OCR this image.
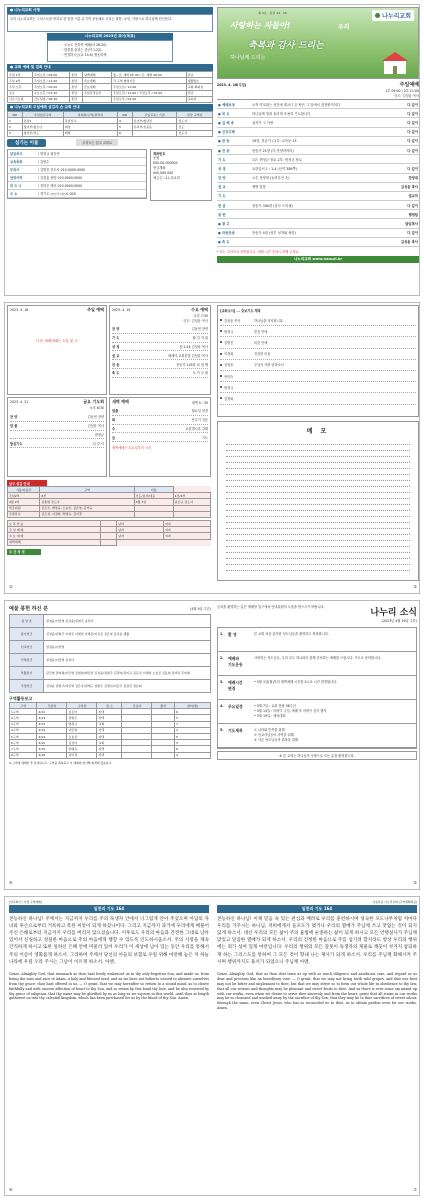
● 나누리교회 사명
우리 나누리교회는 그리스도를 머리로 한 몸을 이룬 유기적 공동체로 우리는 말씀, 소망, 사랑으로 하나님께 헌신한다.
나누리교회 2023년 표어(목표)
· 오늘도 전하자 예배(마 28:20)
· 말씀을 살리는 종(약 1:22)
· 연결하시는(요 15:5) 협동하세
● 교회 예배 및 집회 안내
주일 1부	주일오전 / 09:00	본당	새벽예배	월~금: 새벽 05:30 / 토: 새벽 06:00	본당
주일 2부	주일오전 / 11:00	본당	수요예배	각 구역 협력사간	생활방소
주일 오후	주일오후 / 02:00	본당	금요예배	주일오전 / 11:00	교회 회의실
수요	수요오후 / 07:30	본당	주일성경공부	주일오전 / 11:00 / 주일오후 / 01:00	본당
금요기도회	금요일밤 / 08:30	본당		주일오후 / 02:00	교육관
● 나누리교회 주일예배 섬김의 손 교회 안내
NO	주일섬김구역	목회자/구역/관리자	NO	주일교육 / 기관	담당 교역자
1	본관1	북한선교	4	유년부/청년부	전도사
2	청년부/청소년	태정	5	유치부/초중등	전도
3	청년부/전도	태현	6		전도사
섬기는 이들	우리도는 입고 교회로
담임목사	/ 변정규 최강민
교육목회	/ 김영수
부목사	/ 김명진 전도사 010-0000-0000
찬양사역	/ 김정훈 찬양 010-0000-0000
파 트 너	/ 전하은 제사 010-0000-0000
주 소	/ 경기도 ○○시 ○○로 000
계좌번호
농협
000-00-000000
헌금계좌
000,000,000
예금주: 나누리교회
제 4호 · 통권 43 · 56	나누리교회
사랑하는 자들아!	우리
축복과 감사 드리는
하나님께 드리는
2023. 4. 16(주일)	주일예배
1부 09:00 / 2부 11:00
인도: 김성윤 목사
● 예배초청	오직 여호와는 성전에 계시니 온 땅은 그 앞에서 잠잠할지어다	다 같이
● 묵 도	하나님께 영광 돌리며 조용히 기도합니다	다 같이
● 입 례 송	십자가 그 사랑	다 같이
● 신앙고백	다 같이
● 찬 송	19장, 찬송가 / 2부: 교독문 13	다 같이
● 찬 송	찬송가 21장 (다 찬양하여라)	다 같이
기 도	1부: 변정규 장로 2부: 변정규 장로
성 경	요한일서 1 : 1-4 (신약 389쪽)	다 같이
찬 양	시온 찬양대 (놀라우신 손)	찬양대
설 교	생명 말씀	김성윤 목사
기 도	설교자
헌 금	찬송가 300장 (감사 드리세)	다 같이
봉 헌	행정팀
● 광 고	담임목사
● 파송찬송	찬송가 4장 (성부 성자와 성령)	다 같이
● 축 도	김성윤 목사
* 표는 일어서서 찬양합니다. 예배 시간 전에 도착해 주세요.
나누리교회 www.nanuri.kr
2023. 4. 16	주일 예배
다음 예배에배는 1일 첫 주
2023. 4. 19	수요 예배
오후 7:30
인도: 김성윤 목사
찬 양	김동현 찬양
기 도	황 길 자 권
성 경	몸 2:24 김성윤 목사
설 교	메세야 교회론말 김성윤 목사
찬 송	찬송가 145장 다 함 께
축 도	오 가 오 원
2023. 4. 21	금요 기도회
오후 8:30
찬 양	김동현 찬양
말 씀	김성윤 목사
변정규
합심기도	다 같 이
새벽 예배	새벽 5 : 30
말씀	월요일 성경
화	안수기 김동
수	요한계시록 강해
금	기도
새벽예배는 토요일부터 시작
금주 섬김 안내
기동/다음주	구역	이름	
주일2부	2부	기도/감사/대표	1부/2부
4월 2부	김종현 전도사	3월 7일	윤은규 전도사
헌금위원	김은주, 변정규, 오효진, 김은영, 김미숙		
주방봉사	김은정, 이정현, 박혜숙, 김미경		
오 후 찬 송		남자	여자
주 일 예 배		남자	여자
수 요 예 배		남자	여자
새벽예배			
주 간 성 경
②
[교회소식] ... 중보기도 제목
김성윤 목사	하나님을 의지합니다.
변정규	믿음 안에
김명진	복음 안에
이정희	건강한 마음
김성윤	주님의 사랑 임하소서
안미숙
변정규
김정희
메 모
③
예물 봉헌 하신 분	(4월 9일 주간)
십 일 조	권정윤/이민영 김성윤/권현주 송인아
감사헌금	김성윤/권현주 이영주 이혜연 이혜진/이유림 김은영 김성윤 생활
선교헌금	권정윤/이민영
건축헌금	권정윤/이민영 김성아
부활감사	김건영 권영희/이민영 김현철/변진선 김성윤/권현주 김경미/김미숙 김은진 이혜연 오효진 김동현 김미란 주미희
주정헌금	김성윤 권현주/이민영 김은아/권세구 권현주 김명진/이은주 김명진 정은희
구역활동보고
구역	모임일	구역장	장 소	간증자	출석	참석(명)
1구역	4/12	김은아	자택			6
2구역	4/13	권현주	자택			5
3구역	4/13	변정규	교회			7
4구역	4/14	이민영	자택			4
5구역	4/14	오효진	자택			5
6구역	4/15	김성아	교회			3
7구역	4/15	박혜숙	자택			6
8구역	4/16	김미경	자택			4
※ 구역예 예배한 후 담대하시고, 구역을 축하하고 이 예배에 참가해 회개에 있습니다.
④
등록을 환영하는 분은 예배당 입구에서 안내위원의 도움을 받으시기 바랍니다.
나누리 소식
(2023년 4월 16일 주간)
1.	환 영	본 교회 처음 출석한 성도님들을 환영하고 축복합니다.
2.	예배와
기도운동
사랑하는 성도님들, 우리 모두 하나되어 함께 중보하는 예배를 드립시다. 기도로 준비합시다.
3.	예배시간
변경
• 5월 1일(월)부터 새벽예배 시간을 5시로 시간 변경합니다.
4.	주요일정	• 5월 7일 : 교회 창립 38주년
• 5월 14일 : 어버이 주일, 예배 후 어버이 감사 행사
• 5월 19일 : 체육대회
5.	기도제목	① 나라와 민족을 위해
② 선교사님들의 사역을 위해
③ 아픈 성도님들의 회복을 위해
※ 본 교회는 하나님의 사랑으로 모든 분을 환영합니다.
⑤
[상교회가 / 가정 구역예배]
일천의 기도 164
전능하신 하나님! 주께서는 지금까지 우리를 주의 독생자 안에서 너그럽게 안아 주셨으며 아담의 자녀와 후손으로부터 거룩하고 복된 씨앗이 되게 하셨나이다. 그리고 지금까지 과거에 우리에게 베풀어 주신 은혜로부터 지금까지 우리를 버리지 않으셨습니다. 이후로도 우리의 마음과 간전한 그대로 남아 있어서 신실하고 성실한 마음으로 주의 마음에게 행할 수 있도록 인도하시옵소서. 주의 사랑을 제속 간직하게 하시고 또한 일하신 은혜 안에 머물러 있어 우리가 이 세상에 남아 있는 동안 우리를 통해서 주의 이름이 영화롭게 하소서. 그리하여 주께서 당신의 아들의 보혈로 우릴 위해 마련해 놓은 저 하늘나라에 우릴 오라 주시는 그날이 이르게 하소서. 아멘.
Grant, Almighty God, that inasmuch as thou hast freely embraced us in thy only-begotten Son, and made us, from being the sons and race of Adam, a holy and blessed seed, and as we have not hitherto ceased to alienate ourselves from thy grace; thou hast offered to us, — O grant, that we may hereafter so return to a sound mind, as to cleave faithfully and with sincere affection of heart to thy Son, and so retain by this bond thy love, and be also renewed by thy grace of adoption, that thy name may be glorified by us as long as we sojourn in this world, until thou at length gatherest us into thy celestial kingdom, which has been purchased for us by the blood of thy Son. Amen.
⑥
다음다음 나누리교회 [구역예배좌공]
일천의 기도 164
전능하신 하나님! 이제 믿음 속 있는 관심과 배려로 우리를 훈련하시며 성숙한 포도나무처럼 저마다 우리를 가꾸시는 하나님, 저희에게서 들포도가 맺거나 우리의 열매가 주님께 쓰고 맛없는 것이 되지 않게 하소서. 대신 우리의 모든 삶이 주의 율법에 순종하는 삶이 되게 하시고 모든 언행실사가 주님께 맞있고 달콤한 열매가 되게 하소서. 우리의 진정한 마음으로 주를 섬기려 할지라도 항상 우리의 행위에는 죄가 섞여 있게 마련입니다. 우리의 행위의 모든 잘못이 독생자의 제물로 깨끗이 씻겨지 참되하게 하는 그리스도를 통하여 그 모든 것이 향내 나는 제사가 되게 하소서. 우리를 주님께 화해시켜 주시며 행위까지도 용서가 되었으니 주님께 아멘.
Grant, Almighty God, that as thou dost train us up with so much diligence and assiduous care, and regard us as dear and precious like an hereditary vine, — O grant, that we may not bring forth wild grapes, and that our fruit may not be bitter and unpleasant to thee, but that we may strive so to form our whole life in obedience to thy law, that all our actions and thoughts may be pleasant and sweet fruits to thee. And as there is ever some sin mixed up with our works, even when we desire to serve thee sincerely and from the heart, grant that all stains in our works may be so cleansed and washed away by the sacrifice of thy Son, that they may be to thee sacrifices of sweet odour, through the same, even Christ Jesus, who has so reconciled us to thee, as to obtain pardon even for our works. Amen.
⑦
